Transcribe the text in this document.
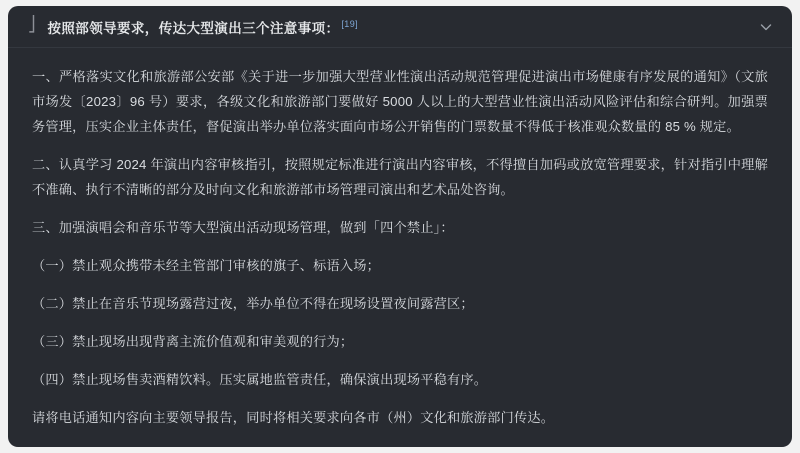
⎦ 按照部领导要求，传达大型演出三个注意事项： [19]

一、严格落实文化和旅游部公安部《关于进一步加强大型营业性演出活动规范管理促进演出市场健康有序发展的通知》（文旅市场发〔2023〕96 号）要求，各级文化和旅游部门要做好 5000 人以上的大型营业性演出活动风险评估和综合研判。加强票务管理，压实企业主体责任，督促演出举办单位落实面向市场公开销售的门票数量不得低于核准观众数量的 85 % 规定。

二、认真学习 2024 年演出内容审核指引，按照规定标准进行演出内容审核，不得擅自加码或放宽管理要求，针对指引中理解不准确、执行不清晰的部分及时向文化和旅游部市场管理司演出和艺术品处咨询。

三、加强演唱会和音乐节等大型演出活动现场管理，做到「四个禁止」：

（一）禁止观众携带未经主管部门审核的旗子、标语入场；

（二）禁止在音乐节现场露营过夜，举办单位不得在现场设置夜间露营区；

（三）禁止现场出现背离主流价值观和审美观的行为；

（四）禁止现场售卖酒精饮料。压实属地监管责任，确保演出现场平稳有序。

请将电话通知内容向主要领导报告，同时将相关要求向各市（州）文化和旅游部门传达。
